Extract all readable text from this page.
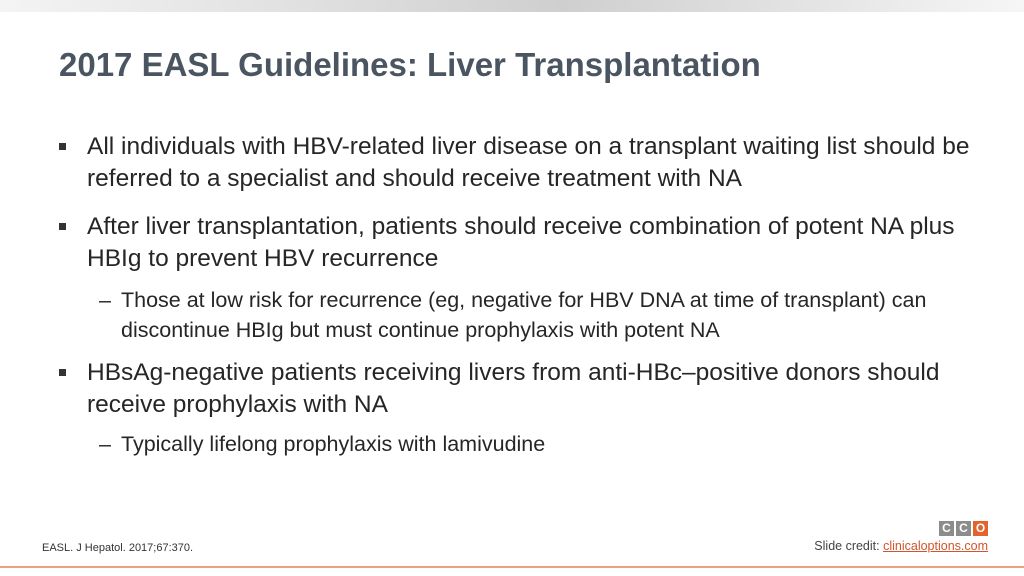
2017 EASL Guidelines: Liver Transplantation
All individuals with HBV-related liver disease on a transplant waiting list should be referred to a specialist and should receive treatment with NA
After liver transplantation, patients should receive combination of potent NA plus HBIg to prevent HBV recurrence
– Those at low risk for recurrence (eg, negative for HBV DNA at time of transplant) can discontinue HBIg but must continue prophylaxis with potent NA
HBsAg-negative patients receiving livers from anti-HBc–positive donors should receive prophylaxis with NA
– Typically lifelong prophylaxis with lamivudine
EASL. J Hepatol. 2017;67:370.
C C O
Slide credit: clinicaloptions.com
